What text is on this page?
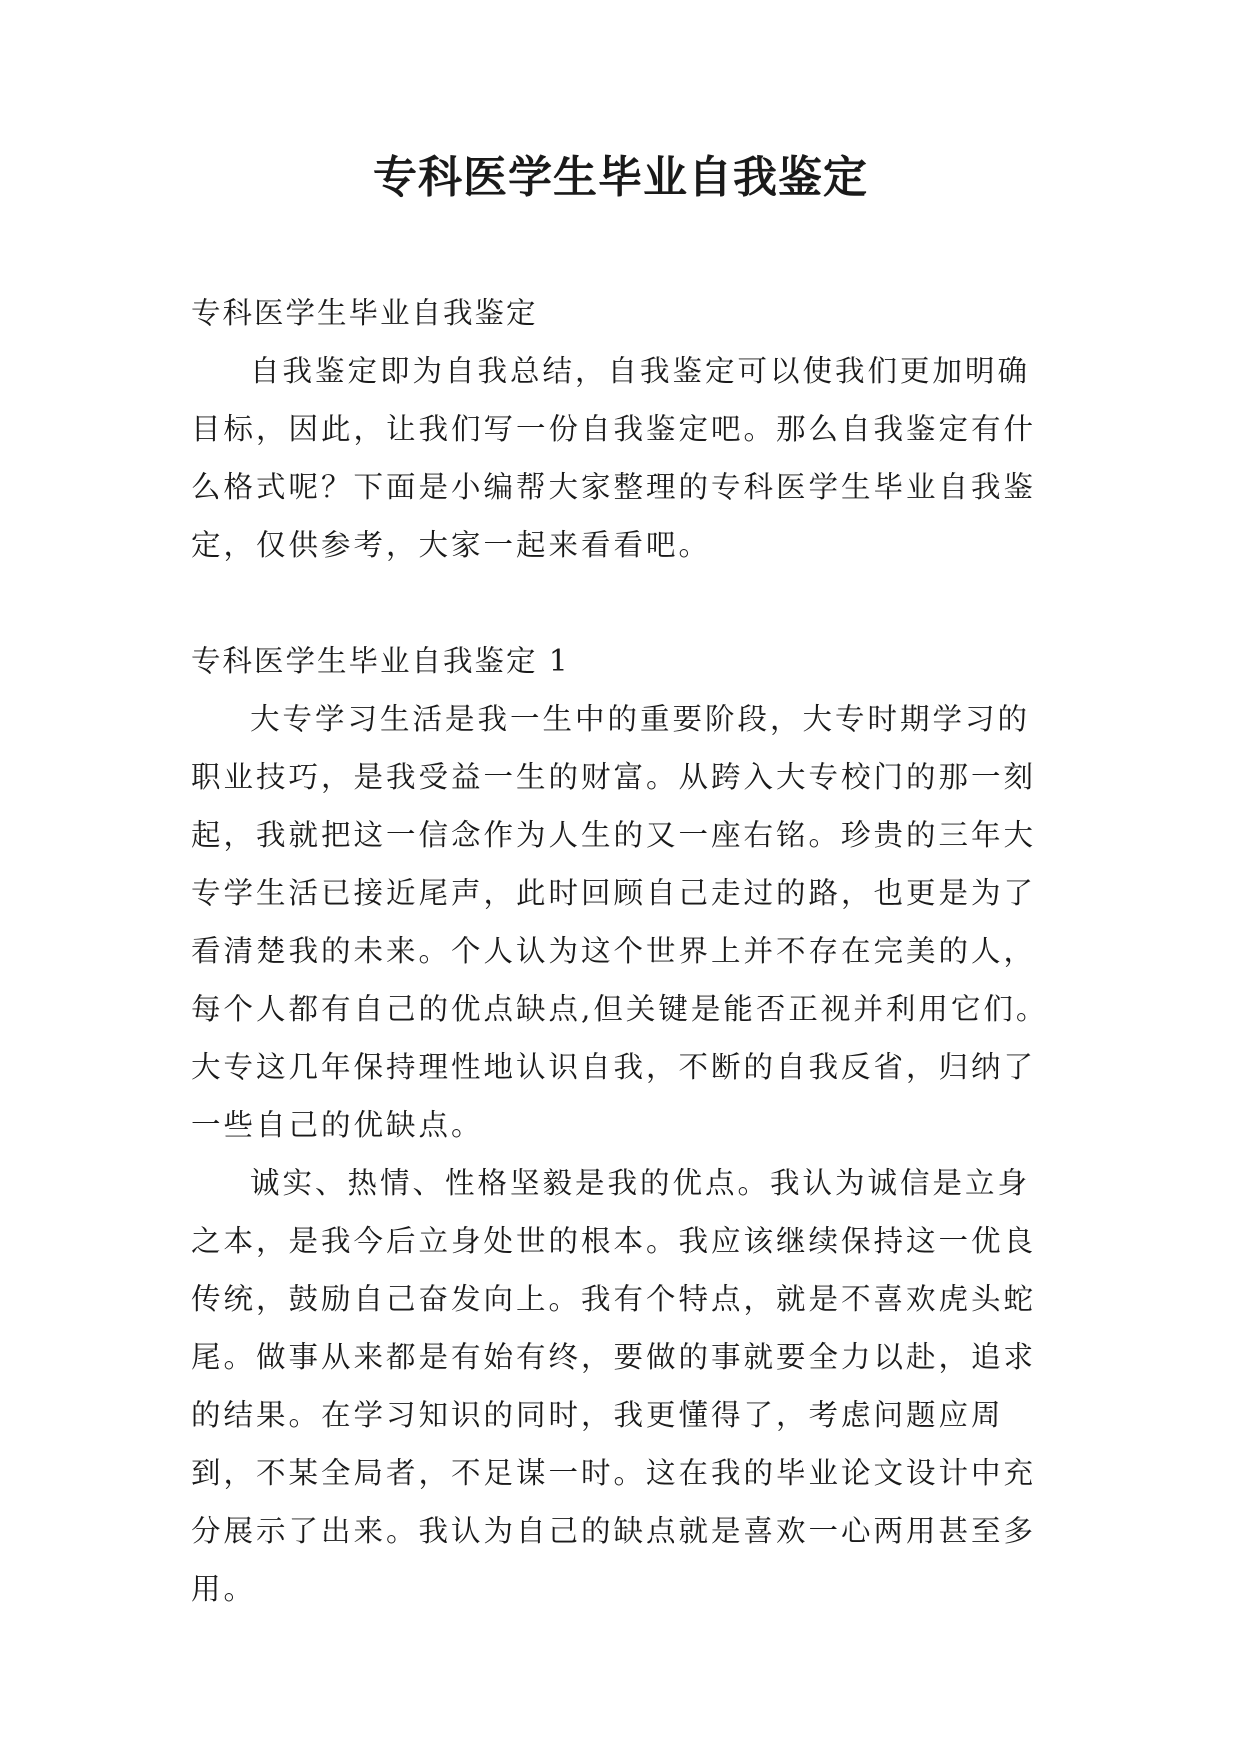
专科医学生毕业自我鉴定

专科医学生毕业自我鉴定

自我鉴定即为自我总结，自我鉴定可以使我们更加明确目标，因此，让我们写一份自我鉴定吧。那么自我鉴定有什么格式呢？下面是小编帮大家整理的专科医学生毕业自我鉴定，仅供参考，大家一起来看看吧。

专科医学生毕业自我鉴定 1

大专学习生活是我一生中的重要阶段，大专时期学习的职业技巧，是我受益一生的财富。从跨入大专校门的那一刻起，我就把这一信念作为人生的又一座右铭。珍贵的三年大专学生活已接近尾声，此时回顾自己走过的路，也更是为了看清楚我的未来。个人认为这个世界上并不存在完美的人，每个人都有自己的优点缺点,但关键是能否正视并利用它们。大专这几年保持理性地认识自我，不断的自我反省，归纳了一些自己的优缺点。

诚实、热情、性格坚毅是我的优点。我认为诚信是立身之本，是我今后立身处世的根本。我应该继续保持这一优良传统，鼓励自己奋发向上。我有个特点，就是不喜欢虎头蛇尾。做事从来都是有始有终，要做的事就要全力以赴，追求的结果。在学习知识的同时，我更懂得了，考虑问题应周到，不某全局者，不足谋一时。这在我的毕业论文设计中充分展示了出来。我认为自己的缺点就是喜欢一心两用甚至多用。
